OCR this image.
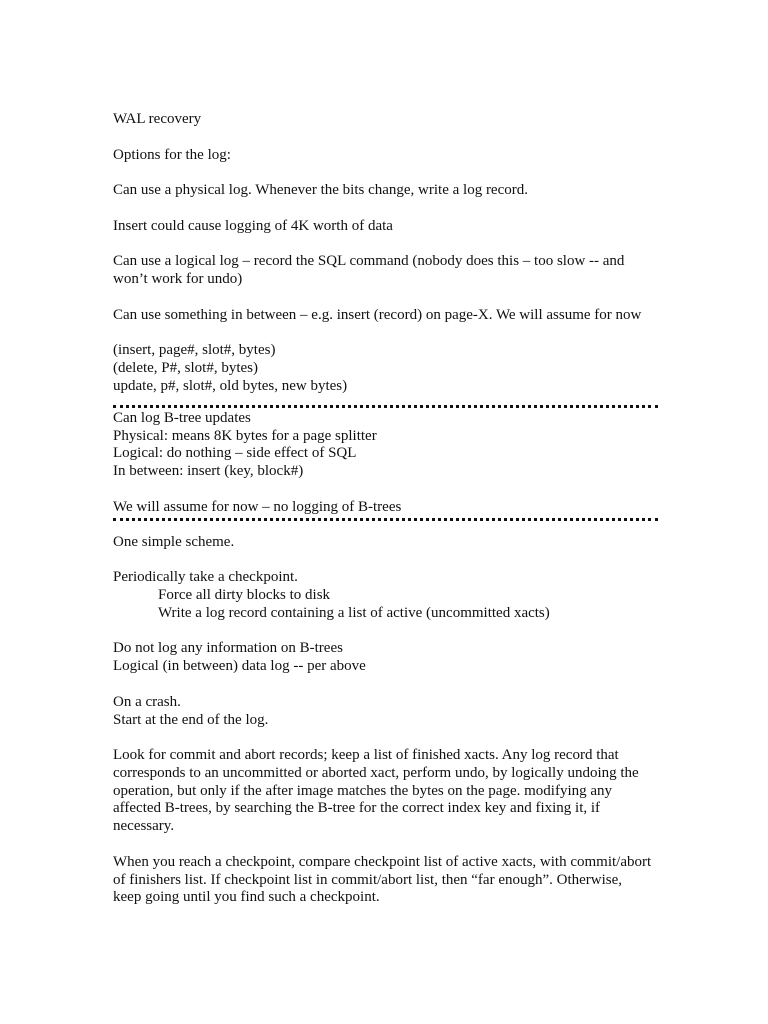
WAL recovery
Options for the log:
Can use a physical log. Whenever the bits change, write a log record.
Insert could cause logging of 4K worth of data
Can use a logical log – record the SQL command (nobody does this – too slow -- and
won’t work for undo)
Can use something in between – e.g. insert (record) on page-X. We will assume for now
(insert, page#, slot#, bytes)
(delete, P#, slot#, bytes)
update, p#, slot#, old bytes, new bytes)
Can log B-tree updates
Physical: means 8K bytes for a page splitter
Logical: do nothing – side effect of SQL
In between: insert (key, block#)
We will assume for now – no logging of B-trees
One simple scheme.
Periodically take a checkpoint.
Force all dirty blocks to disk
Write a log record containing a list of active (uncommitted xacts)
Do not log any information on B-trees
Logical (in between) data log -- per above
On a crash.
Start at the end of the log.
Look for commit and abort records; keep a list of finished xacts. Any log record that
corresponds to an uncommitted or aborted xact, perform undo, by logically undoing the
operation, but only if the after image matches the bytes on the page. modifying any
affected B-trees, by searching the B-tree for the correct index key and fixing it, if
necessary.
When you reach a checkpoint, compare checkpoint list of active xacts, with commit/abort
of finishers list. If checkpoint list in commit/abort list, then “far enough”. Otherwise,
keep going until you find such a checkpoint.
